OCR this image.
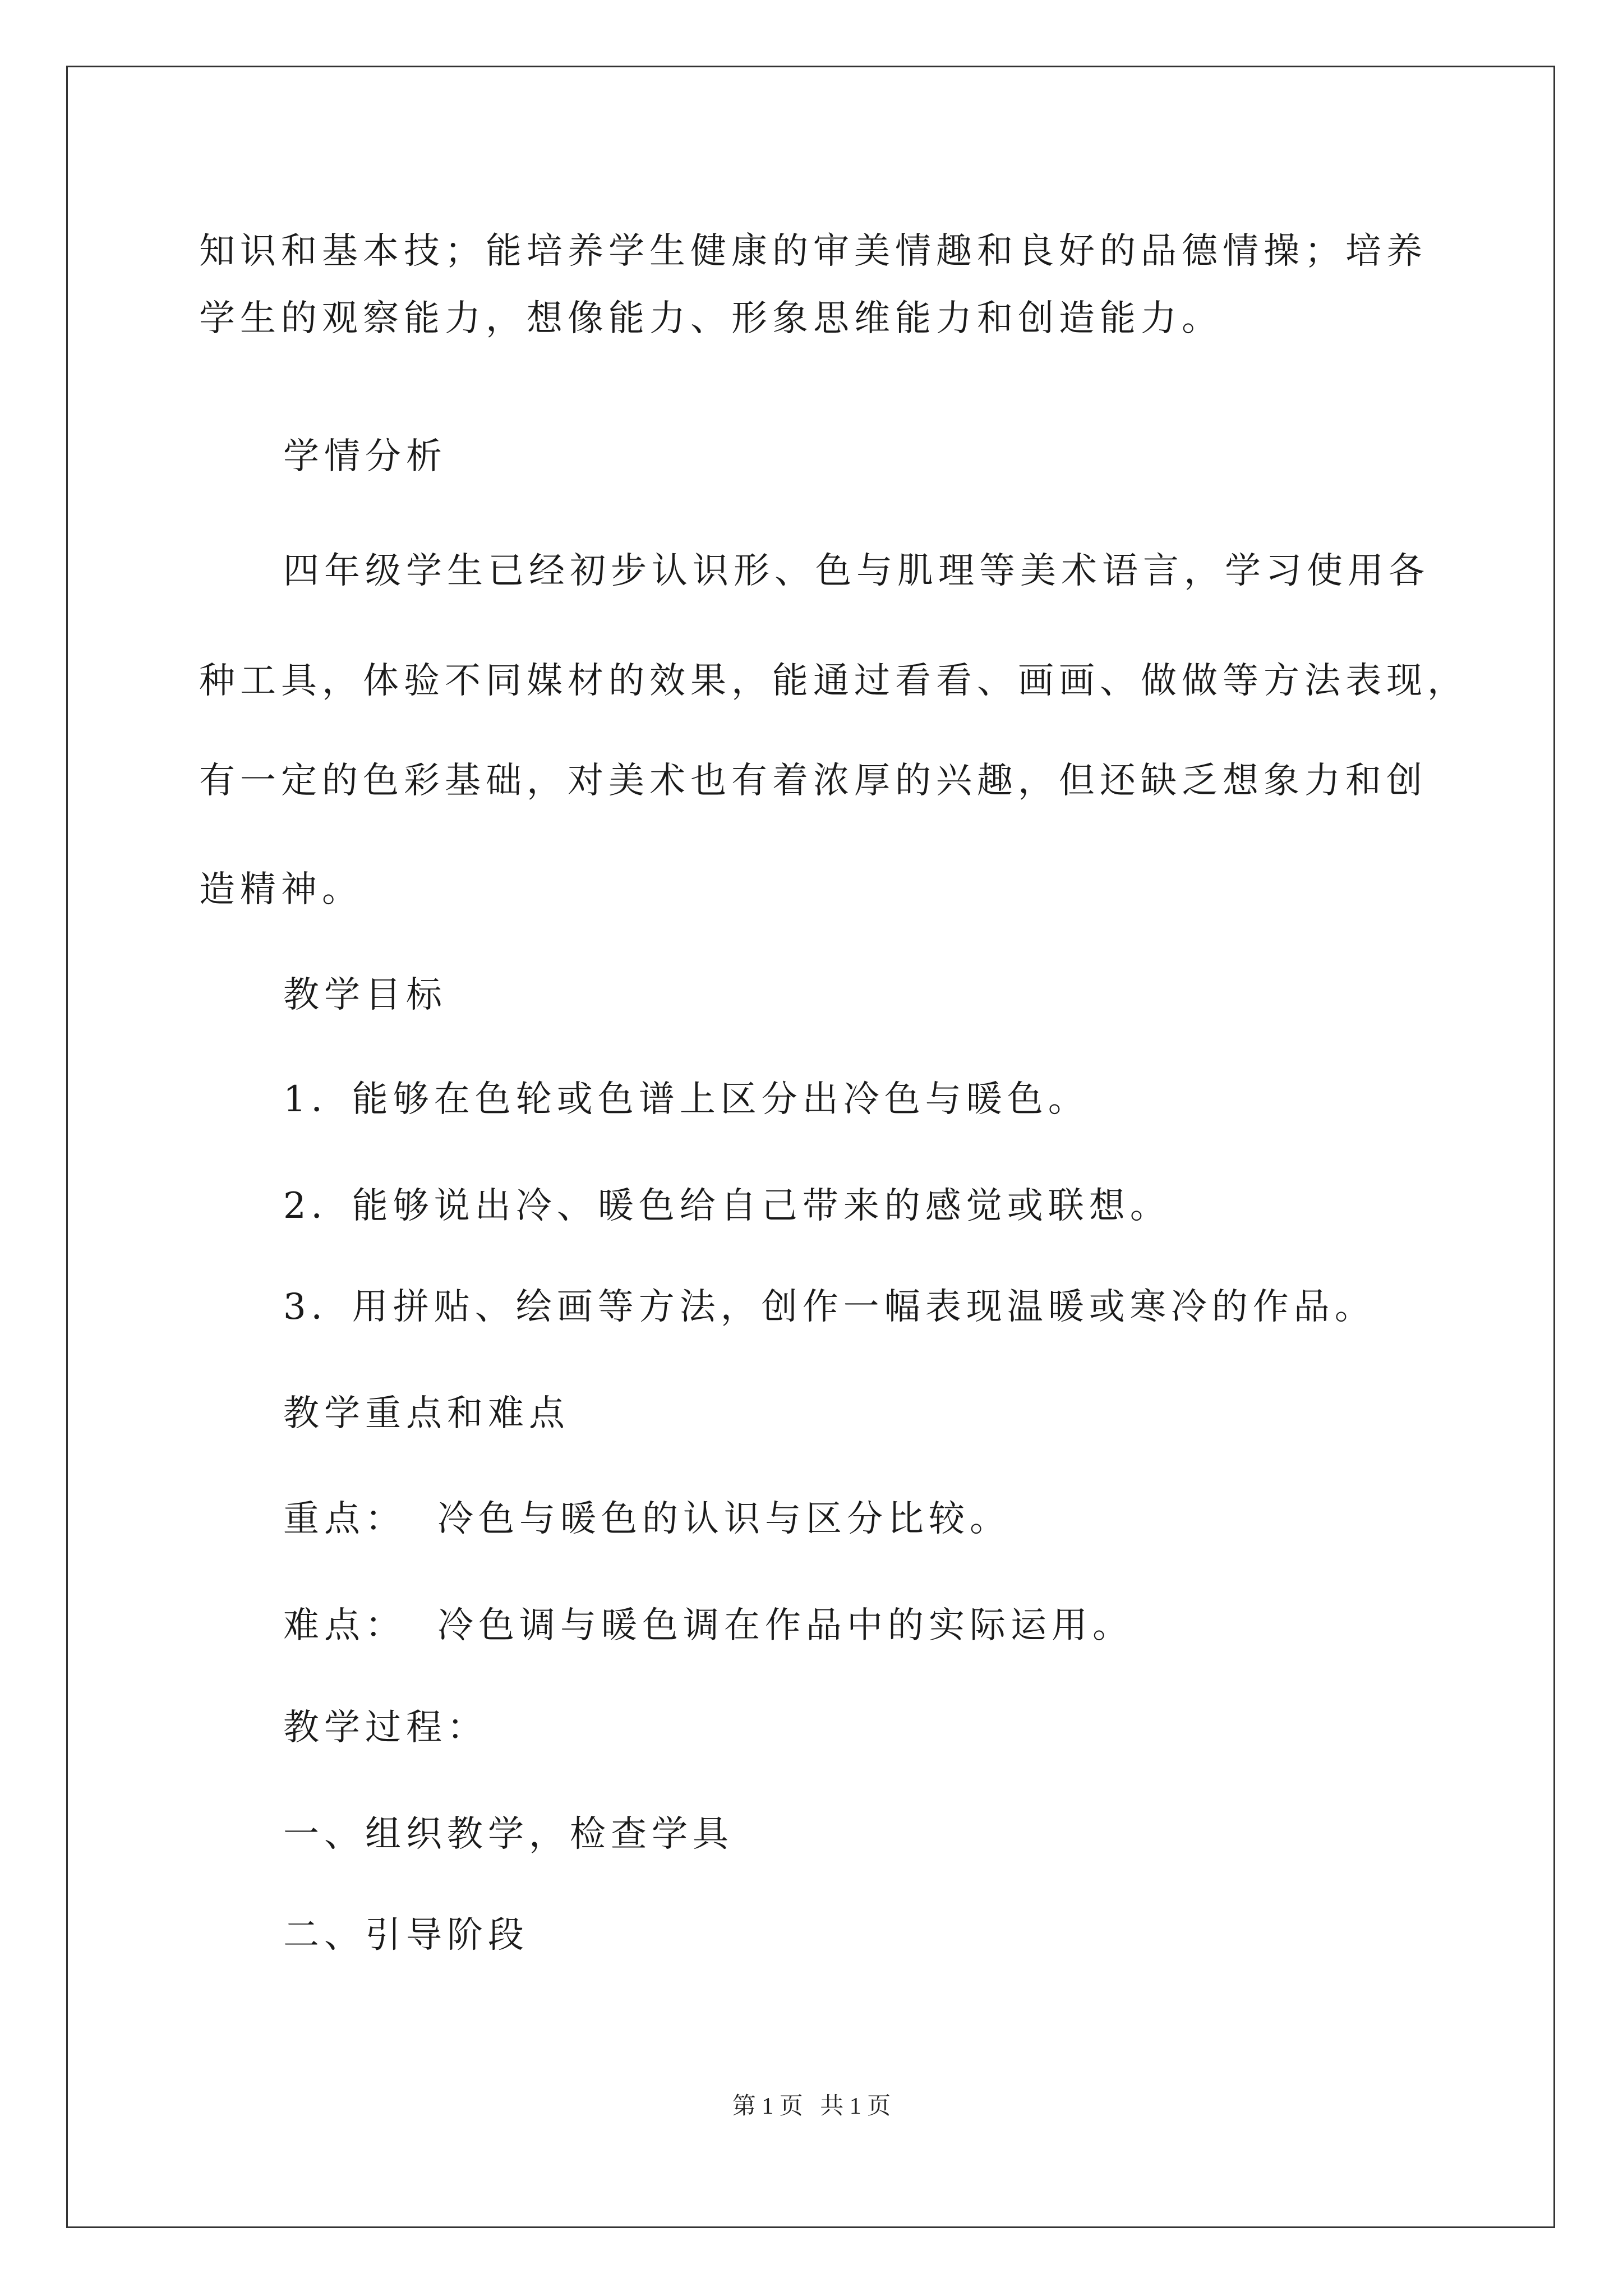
知识和基本技；能培养学生健康的审美情趣和良好的品德情操；培养
学生的观察能力，想像能力、形象思维能力和创造能力。
学情分析
四年级学生已经初步认识形、色与肌理等美术语言，学习使用各
种工具，体验不同媒材的效果，能通过看看、画画、做做等方法表现，
有一定的色彩基础，对美术也有着浓厚的兴趣，但还缺乏想象力和创
造精神。
教学目标
1．能够在色轮或色谱上区分出冷色与暖色。
2．能够说出冷、暖色给自己带来的感觉或联想。
3．用拼贴、绘画等方法，创作一幅表现温暖或寒冷的作品。
教学重点和难点
重点： 冷色与暖色的认识与区分比较。
难点： 冷色调与暖色调在作品中的实际运用。
教学过程：
一、组织教学，检查学具
二、引导阶段
第 1 页 共 1 页
